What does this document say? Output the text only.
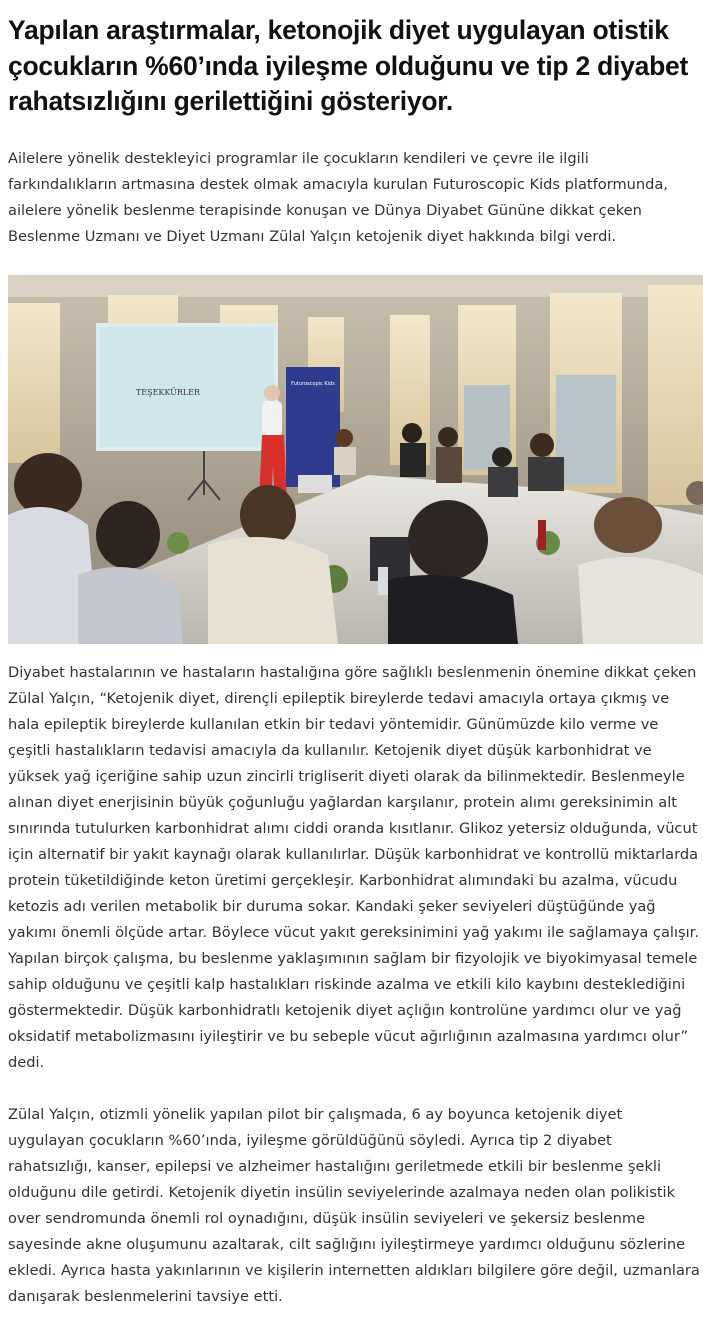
Yapılan araştırmalar, ketonojik diyet uygulayan otistik çocukların %60’ında iyileşme olduğunu ve tip 2 diyabet rahatsızlığını gerilettiğini gösteriyor.

Ailelere yönelik destekleyici programlar ile çocukların kendileri ve çevre ile ilgili farkındalıkların artmasına destek olmak amacıyla kurulan Futuroscopic Kids platformunda, ailelere yönelik beslenme terapisinde konuşan ve Dünya Diyabet Gününe dikkat çeken Beslenme Uzmanı ve Diyet Uzmanı Zülal Yalçın ketojenik diyet hakkında bilgi verdi.

TEŞEKKÜRLER
Futuroscopic Kids

Diyabet hastalarının ve hastaların hastalığına göre sağlıklı beslenmenin önemine dikkat çeken Zülal Yalçın, “Ketojenik diyet, dirençli epileptik bireylerde tedavi amacıyla ortaya çıkmış ve hala epileptik bireylerde kullanılan etkin bir tedavi yöntemidir. Günümüzde kilo verme ve çeşitli hastalıkların tedavisi amacıyla da kullanılır. Ketojenik diyet düşük karbonhidrat ve yüksek yağ içeriğine sahip uzun zincirli trigliserit diyeti olarak da bilinmektedir. Beslenmeyle alınan diyet enerjisinin büyük çoğunluğu yağlardan karşılanır, protein alımı gereksinimin alt sınırında tutulurken karbonhidrat alımı ciddi oranda kısıtlanır. Glikoz yetersiz olduğunda, vücut için alternatif bir yakıt kaynağı olarak kullanılırlar. Düşük karbonhidrat ve kontrollü miktarlarda protein tüketildiğinde keton üretimi gerçekleşir. Karbonhidrat alımındaki bu azalma, vücudu ketozis adı verilen metabolik bir duruma sokar. Kandaki şeker seviyeleri düştüğünde yağ yakımı önemli ölçüde artar. Böylece vücut yakıt gereksinimini yağ yakımı ile sağlamaya çalışır. Yapılan birçok çalışma, bu beslenme yaklaşımının sağlam bir fizyolojik ve biyokimyasal temele sahip olduğunu ve çeşitli kalp hastalıkları riskinde azalma ve etkili kilo kaybını desteklediğini göstermektedir. Düşük karbonhidratlı ketojenik diyet açlığın kontrolüne yardımcı olur ve yağ oksidatif metabolizmasını iyileştirir ve bu sebeple vücut ağırlığının azalmasına yardımcı olur” dedi.

Zülal Yalçın, otizmli yönelik yapılan pilot bir çalışmada, 6 ay boyunca ketojenik diyet uygulayan çocukların %60’ında, iyileşme görüldüğünü söyledi. Ayrıca tip 2 diyabet rahatsızlığı, kanser, epilepsi ve alzheimer hastalığını geriletmede etkili bir beslenme şekli olduğunu dile getirdi. Ketojenik diyetin insülin seviyelerinde azalmaya neden olan polikistik over sendromunda önemli rol oynadığını, düşük insülin seviyeleri ve şekersiz beslenme sayesinde akne oluşumunu azaltarak, cilt sağlığını iyileştirmeye yardımcı olduğunu sözlerine ekledi. Ayrıca hasta yakınlarının ve kişilerin internetten aldıkları bilgilere göre değil, uzmanlara danışarak beslenmelerini tavsiye etti.
